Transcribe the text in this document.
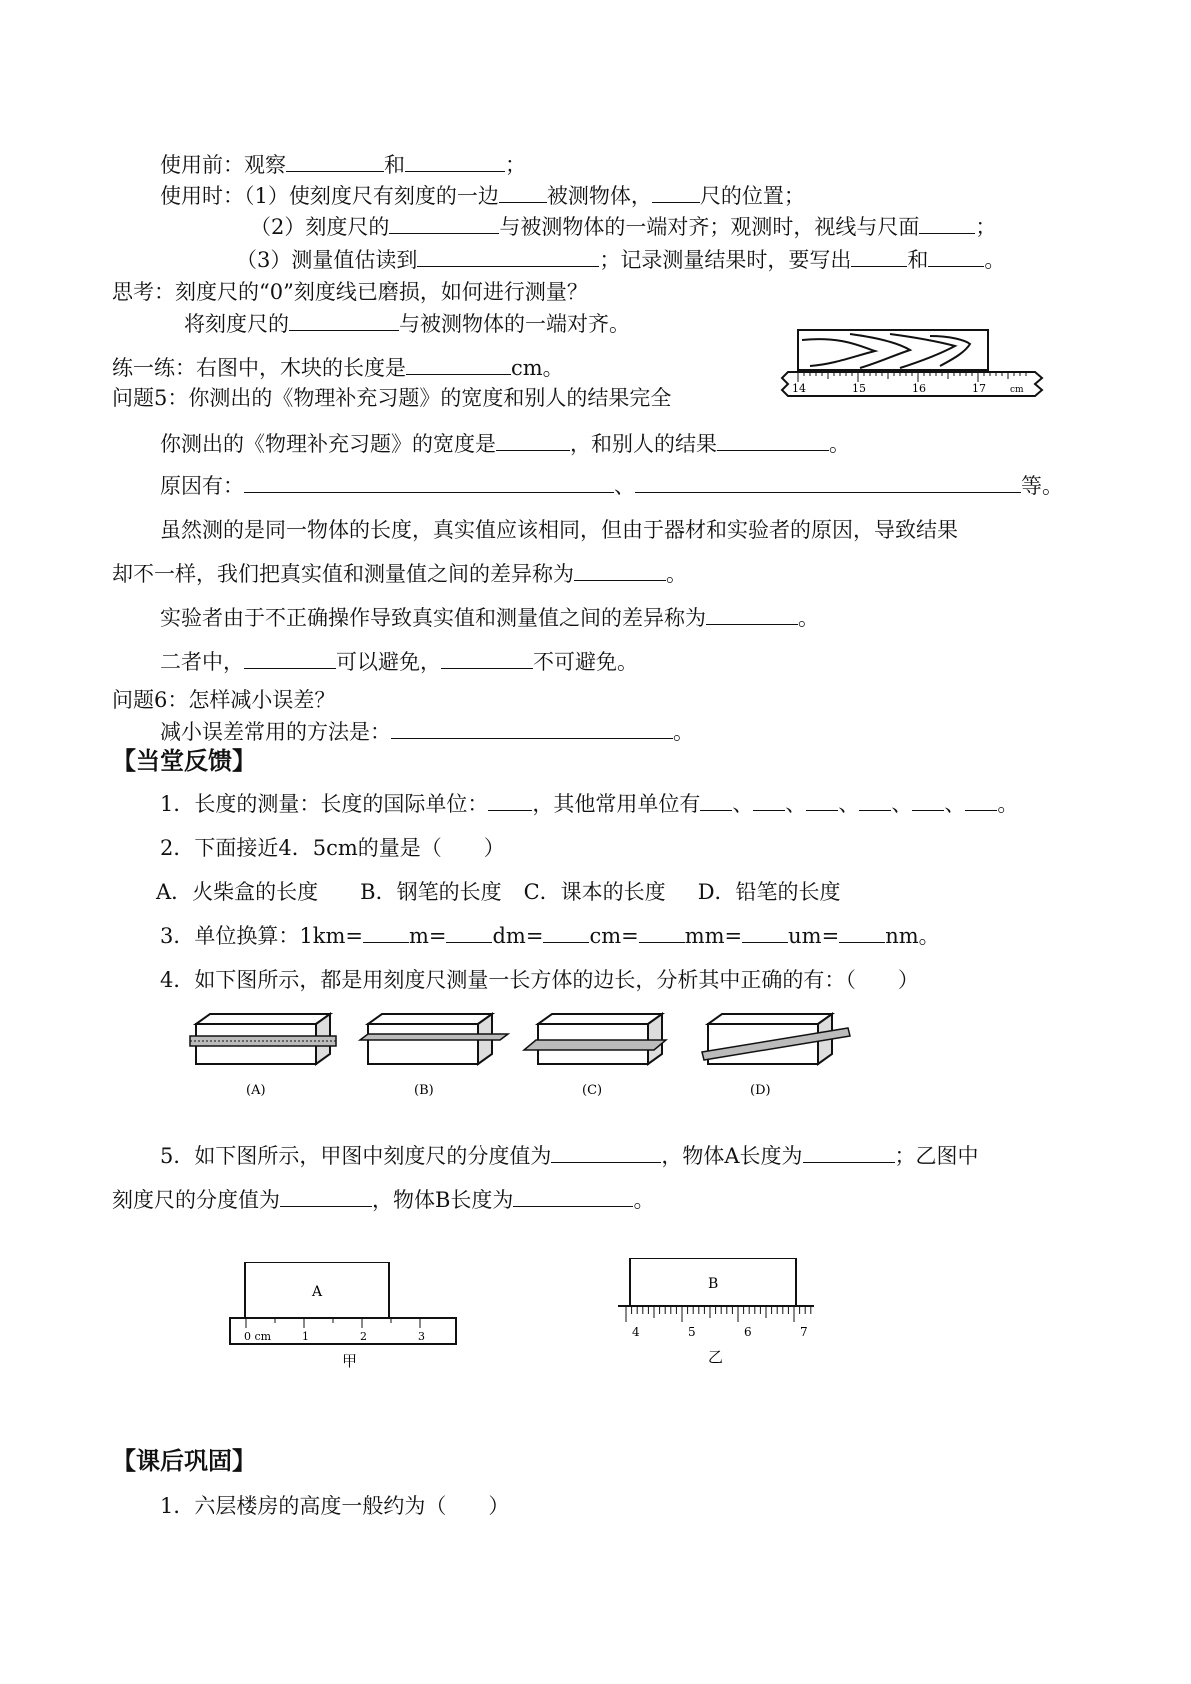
使用前：观察	和	；
使用时：（1）使刻度尺有刻度的一边 被测物体， 尺的位置；
（2）刻度尺的	与被测物体的一端对齐；观测时，视线与尺面	；
（3）测量值估读到	；记录测量结果时，要写出	和	。
思考：刻度尺的“0”刻度线已磨损，如何进行测量？
将刻度尺的	与被测物体的一端对齐。
练一练：右图中，木块的长度是	cm。
问题5：你测出的《物理补充习题》的宽度和别人的结果完全	14	15	16	17	cm
你测出的《物理补充习题》的宽度是	，和别人的结果	。
原因有：	、	等。
虽然测的是同一物体的长度，真实值应该相同，但由于器材和实验者的原因，导致结果
却不一样，我们把真实值和测量值之间的差异称为	。
实验者由于不正确操作导致真实值和测量值之间的差异称为	。
二者中，	可以避免，	不可避免。
问题6：怎样减小误差？
减小误差常用的方法是：	。
【当堂反馈】
1．长度的测量：长度的国际单位： ，其他常用单位有 、 、 、 、 、 。
2．下面接近4．5cm的量是（　　）
A．火柴盒的长度 B．钢笔的长度 C．课本的长度 D．铅笔的长度
3．单位换算：1km= m= dm= cm= mm= um= nm。
4．如下图所示，都是用刻度尺测量一长方体的边长，分析其中正确的有：（　　）
(A)	(B)	(C)	(D)
5．如下图所示，甲图中刻度尺的分度值为	，物体A长度为	；乙图中
刻度尺的分度值为	，物体B长度为	。
A
0 cm	1	2	3
甲
B
4	5	6	7
乙
【课后巩固】
1．六层楼房的高度一般约为（　　）
